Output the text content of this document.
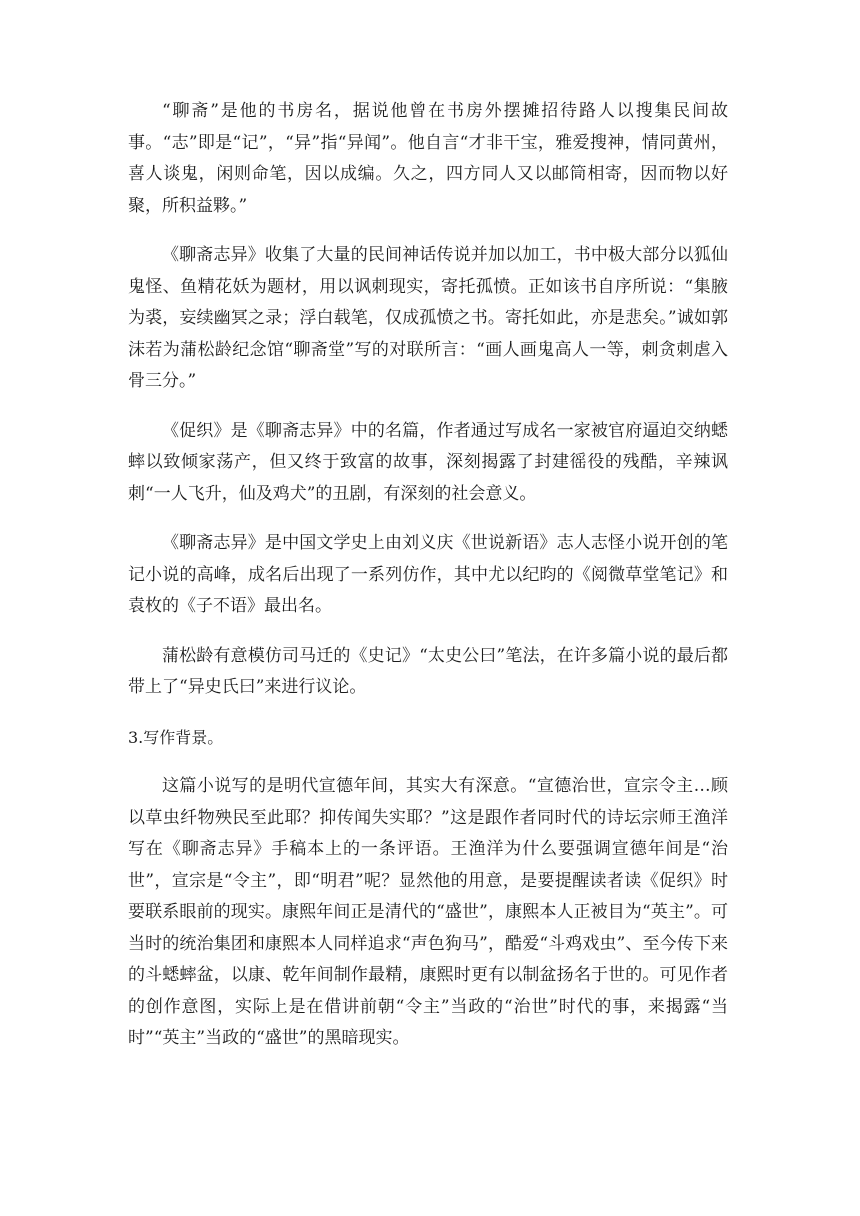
“聊斋”是他的书房名，据说他曾在书房外摆摊招待路人以搜集民间故事。“志”即是“记”，“异”指“异闻”。他自言“才非干宝，雅爱搜神，情同黄州，喜人谈鬼，闲则命笔，因以成编。久之，四方同人又以邮筒相寄，因而物以好聚，所积益夥。”

《聊斋志异》收集了大量的民间神话传说并加以加工，书中极大部分以狐仙鬼怪、鱼精花妖为题材，用以讽刺现实，寄托孤愤。正如该书自序所说：“集腋为裘，妄续幽冥之录；浮白载笔，仅成孤愤之书。寄托如此，亦是悲矣。”诚如郭沫若为蒲松龄纪念馆“聊斋堂”写的对联所言：“画人画鬼高人一等，刺贪刺虐入骨三分。”

《促织》是《聊斋志异》中的名篇，作者通过写成名一家被官府逼迫交纳蟋蟀以致倾家荡产，但又终于致富的故事，深刻揭露了封建徭役的残酷，辛辣讽刺“一人飞升，仙及鸡犬”的丑剧，有深刻的社会意义。

《聊斋志异》是中国文学史上由刘义庆《世说新语》志人志怪小说开创的笔记小说的高峰，成名后出现了一系列仿作，其中尤以纪昀的《阅微草堂笔记》和袁枚的《子不语》最出名。

蒲松龄有意模仿司马迁的《史记》“太史公曰”笔法，在许多篇小说的最后都带上了“异史氏曰”来进行议论。

3.写作背景。

这篇小说写的是明代宣德年间，其实大有深意。“宣德治世，宣宗令主…顾以草虫纤物殃民至此耶？抑传闻失实耶？”这是跟作者同时代的诗坛宗师王渔洋写在《聊斋志异》手稿本上的一条评语。王渔洋为什么要强调宣德年间是“治世”，宣宗是“令主”，即“明君”呢？显然他的用意，是要提醒读者读《促织》时要联系眼前的现实。康熙年间正是清代的“盛世”，康熙本人正被目为“英主”。可当时的统治集团和康熙本人同样追求“声色狗马”，酷爱“斗鸡戏虫”、至今传下来的斗蟋蟀盆，以康、乾年间制作最精，康熙时更有以制盆扬名于世的。可见作者的创作意图，实际上是在借讲前朝“令主”当政的“治世”时代的事，来揭露“当时”“英主”当政的“盛世”的黑暗现实。
